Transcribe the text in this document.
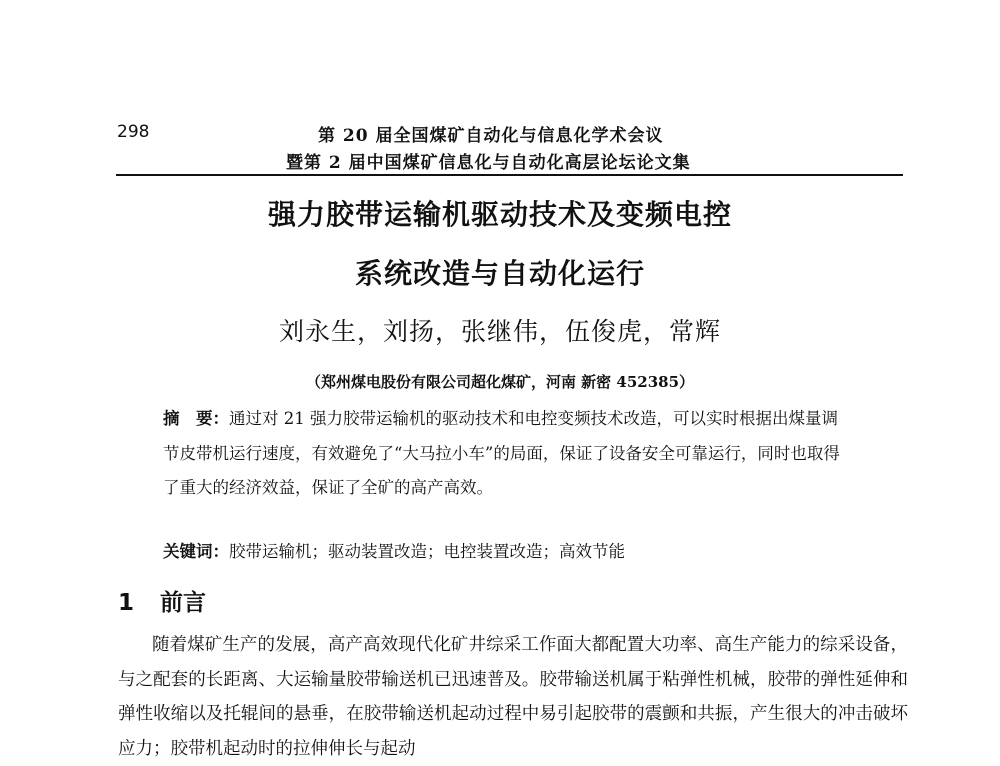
298	第 20 届全国煤矿自动化与信息化学术会议
暨第 2 届中国煤矿信息化与自动化高层论坛论文集
强力胶带运输机驱动技术及变频电控
系统改造与自动化运行
刘永生，刘扬，张继伟，伍俊虎，常辉
（郑州煤电股份有限公司超化煤矿，河南 新密 452385）
摘　要：通过对 21 强力胶带运输机的驱动技术和电控变频技术改造，可以实时根据出煤量调节皮带机运行速度，有效避免了“大马拉小车”的局面，保证了设备安全可靠运行，同时也取得了重大的经济效益，保证了全矿的高产高效。
关键词：胶带运输机；驱动装置改造；电控装置改造；高效节能
1 前言
随着煤矿生产的发展，高产高效现代化矿井综采工作面大都配置大功率、高生产能力的综采设备，与之配套的长距离、大运输量胶带输送机已迅速普及。胶带输送机属于粘弹性机械，胶带的弹性延伸和弹性收缩以及托辊间的悬垂，在胶带输送机起动过程中易引起胶带的震颤和共振，产生很大的冲击破坏应力；胶带机起动时的拉伸伸长与起动
